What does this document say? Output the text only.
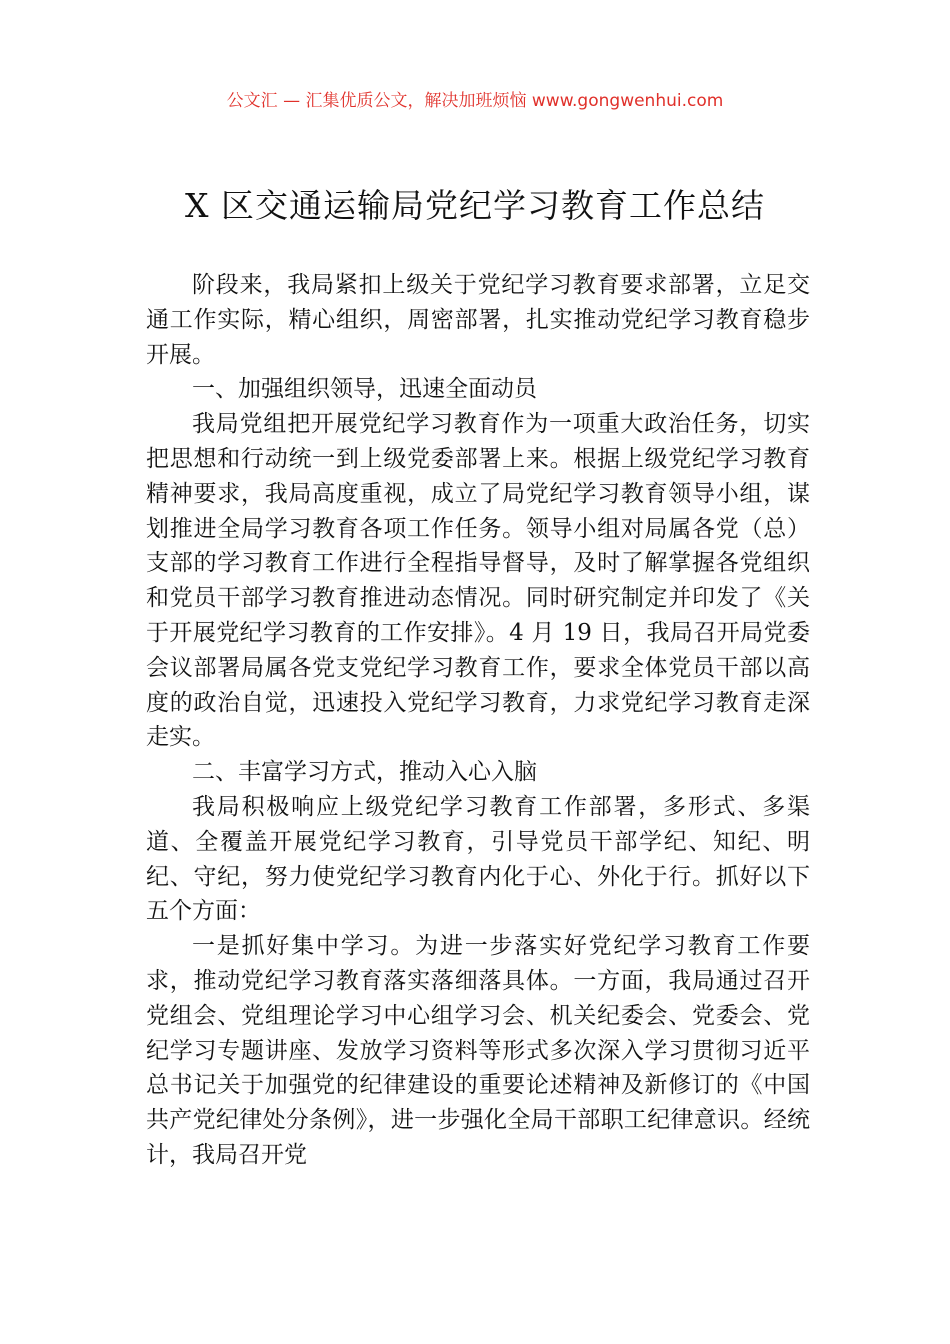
公文汇 — 汇集优质公文，解决加班烦恼 www.gongwenhui.com
X 区交通运输局党纪学习教育工作总结

阶段来，我局紧扣上级关于党纪学习教育要求部署，立足交通工作实际，精心组织，周密部署，扎实推动党纪学习教育稳步开展。

一、加强组织领导，迅速全面动员

我局党组把开展党纪学习教育作为一项重大政治任务，切实把思想和行动统一到上级党委部署上来。根据上级党纪学习教育精神要求，我局高度重视，成立了局党纪学习教育领导小组，谋划推进全局学习教育各项工作任务。领导小组对局属各党（总）支部的学习教育工作进行全程指导督导，及时了解掌握各党组织和党员干部学习教育推进动态情况。同时研究制定并印发了《关于开展党纪学习教育的工作安排》。4 月 19 日，我局召开局党委会议部署局属各党支党纪学习教育工作，要求全体党员干部以高度的政治自觉，迅速投入党纪学习教育，力求党纪学习教育走深走实。

二、丰富学习方式，推动入心入脑

我局积极响应上级党纪学习教育工作部署，多形式、多渠道、全覆盖开展党纪学习教育，引导党员干部学纪、知纪、明纪、守纪，努力使党纪学习教育内化于心、外化于行。抓好以下五个方面：

一是抓好集中学习。为进一步落实好党纪学习教育工作要求，推动党纪学习教育落实落细落具体。一方面，我局通过召开党组会、党组理论学习中心组学习会、机关纪委会、党委会、党纪学习专题讲座、发放学习资料等形式多次深入学习贯彻习近平总书记关于加强党的纪律建设的重要论述精神及新修订的《中国共产党纪律处分条例》，进一步强化全局干部职工纪律意识。经统计，我局召开党
